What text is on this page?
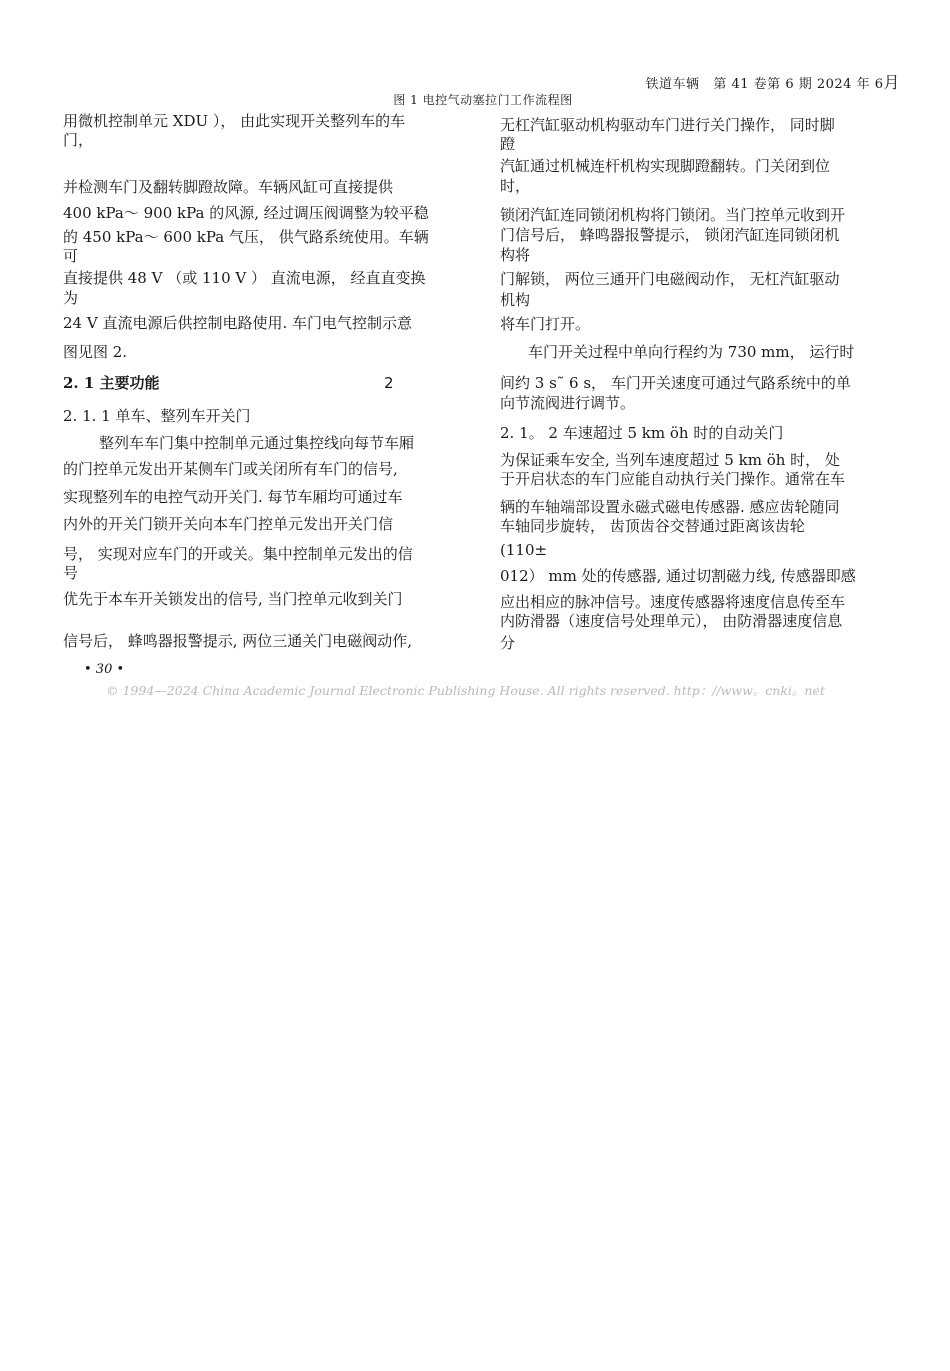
铁道车辆 第 41 卷第 6 期 2024 年 6月
图 1 电控气动塞拉门工作流程图
用微机控制单元 XDU ）， 由此实现开关整列车的车
门，
并检测车门及翻转脚蹬故障。车辆风缸可直接提供
400 kPa～ 900 kPa 的风源, 经过调压阀调整为较平稳
的 450 kPa～ 600 kPa 气压， 供气路系统使用。车辆
可
直接提供 48 V （或 110 V ） 直流电源， 经直直变换
为
24 V 直流电源后供控制电路使用. 车门电气控制示意
图见图 2.
2. 1 主要功能	2
2. 1. 1 单车、整列车开关门
整列车车门集中控制单元通过集控线向每节车厢
的门控单元发出开某侧车门或关闭所有车门的信号,
实现整列车的电控气动开关门. 每节车厢均可通过车
内外的开关门锁开关向本车门控单元发出开关门信
号， 实现对应车门的开或关。集中控制单元发出的信
号
优先于本车开关锁发出的信号, 当门控单元收到关门
信号后， 蜂鸣器报警提示, 两位三通关门电磁阀动作,
无杠汽缸驱动机构驱动车门进行关门操作， 同时脚
蹬
汽缸通过机械连杆机构实现脚蹬翻转。门关闭到位
时，
锁闭汽缸连同锁闭机构将门锁闭。当门控单元收到开
门信号后， 蜂鸣器报警提示， 锁闭汽缸连同锁闭机
构将
门解锁， 两位三通开门电磁阀动作， 无杠汽缸驱动
机构
将车门打开。
车门开关过程中单向行程约为 730 mm， 运行时
间约 3 s˜ 6 s， 车门开关速度可通过气路系统中的单
向节流阀进行调节。
2. 1。 2 车速超过 5 km öh 时的自动关门
为保证乘车安全, 当列车速度超过 5 km öh 时， 处
于开启状态的车门应能自动执行关门操作。通常在车
辆的车轴端部设置永磁式磁电传感器. 感应齿轮随同
车轴同步旋转， 齿顶齿谷交替通过距离该齿轮
(110±
012） mm 处的传感器, 通过切割磁力线, 传感器即感
应出相应的脉冲信号。速度传感器将速度信息传至车
内防滑器（速度信号处理单元）， 由防滑器速度信息
分
• 30 •
© 1994—2024 China Academic Journal Electronic Publishing House. All rights reserved. http：//www。cnki。net
